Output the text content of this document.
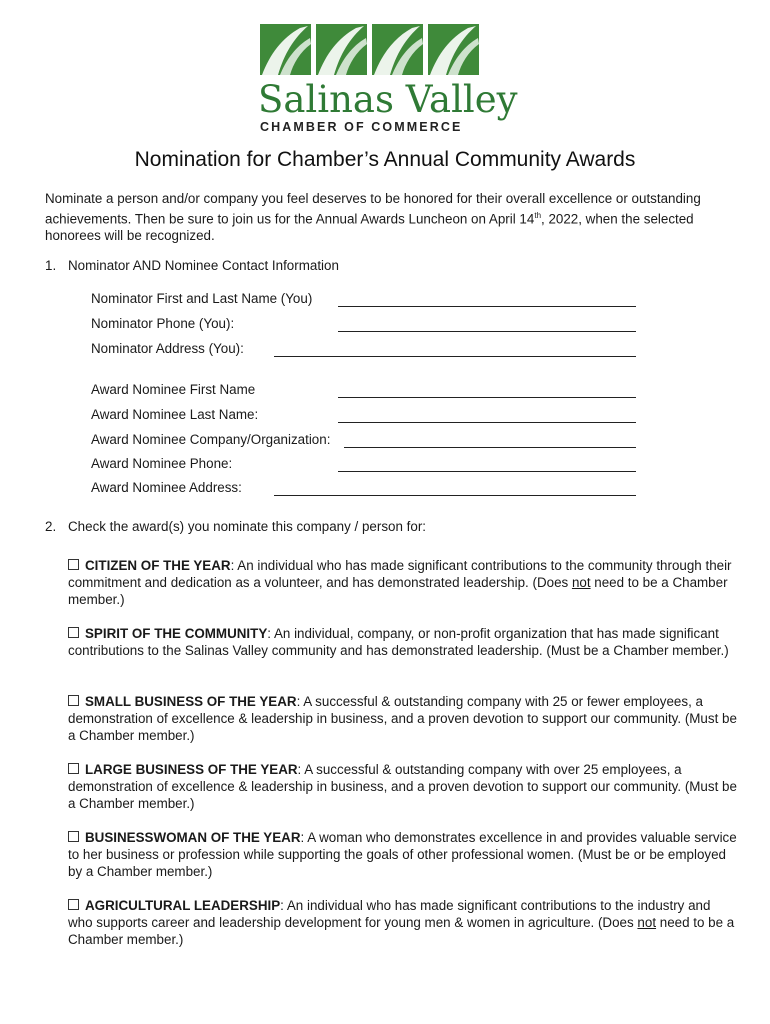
Salinas Valley
CHAMBER OF COMMERCE
Nomination for Chamber’s Annual Community Awards
Nominate a person and/or company you feel deserves to be honored for their overall excellence or outstanding achievements. Then be sure to join us for the Annual Awards Luncheon on April 14th, 2022, when the selected honorees will be recognized.
1. Nominator AND Nominee Contact Information
Nominator First and Last Name (You)
Nominator Phone (You):
Nominator Address (You):
Award Nominee First Name
Award Nominee Last Name:
Award Nominee Company/Organization:
Award Nominee Phone:
Award Nominee Address:
2. Check the award(s) you nominate this company / person for:
CITIZEN OF THE YEAR: An individual who has made significant contributions to the community through their commitment and dedication as a volunteer, and has demonstrated leadership. (Does not need to be a Chamber member.)
SPIRIT OF THE COMMUNITY: An individual, company, or non-profit organization that has made significant contributions to the Salinas Valley community and has demonstrated leadership. (Must be a Chamber member.)
SMALL BUSINESS OF THE YEAR: A successful & outstanding company with 25 or fewer employees, a demonstration of excellence & leadership in business, and a proven devotion to support our community. (Must be a Chamber member.)
LARGE BUSINESS OF THE YEAR: A successful & outstanding company with over 25 employees, a demonstration of excellence & leadership in business, and a proven devotion to support our community. (Must be a Chamber member.)
BUSINESSWOMAN OF THE YEAR: A woman who demonstrates excellence in and provides valuable service to her business or profession while supporting the goals of other professional women. (Must be or be employed by a Chamber member.)
AGRICULTURAL LEADERSHIP: An individual who has made significant contributions to the industry and who supports career and leadership development for young men & women in agriculture. (Does not need to be a Chamber member.)
